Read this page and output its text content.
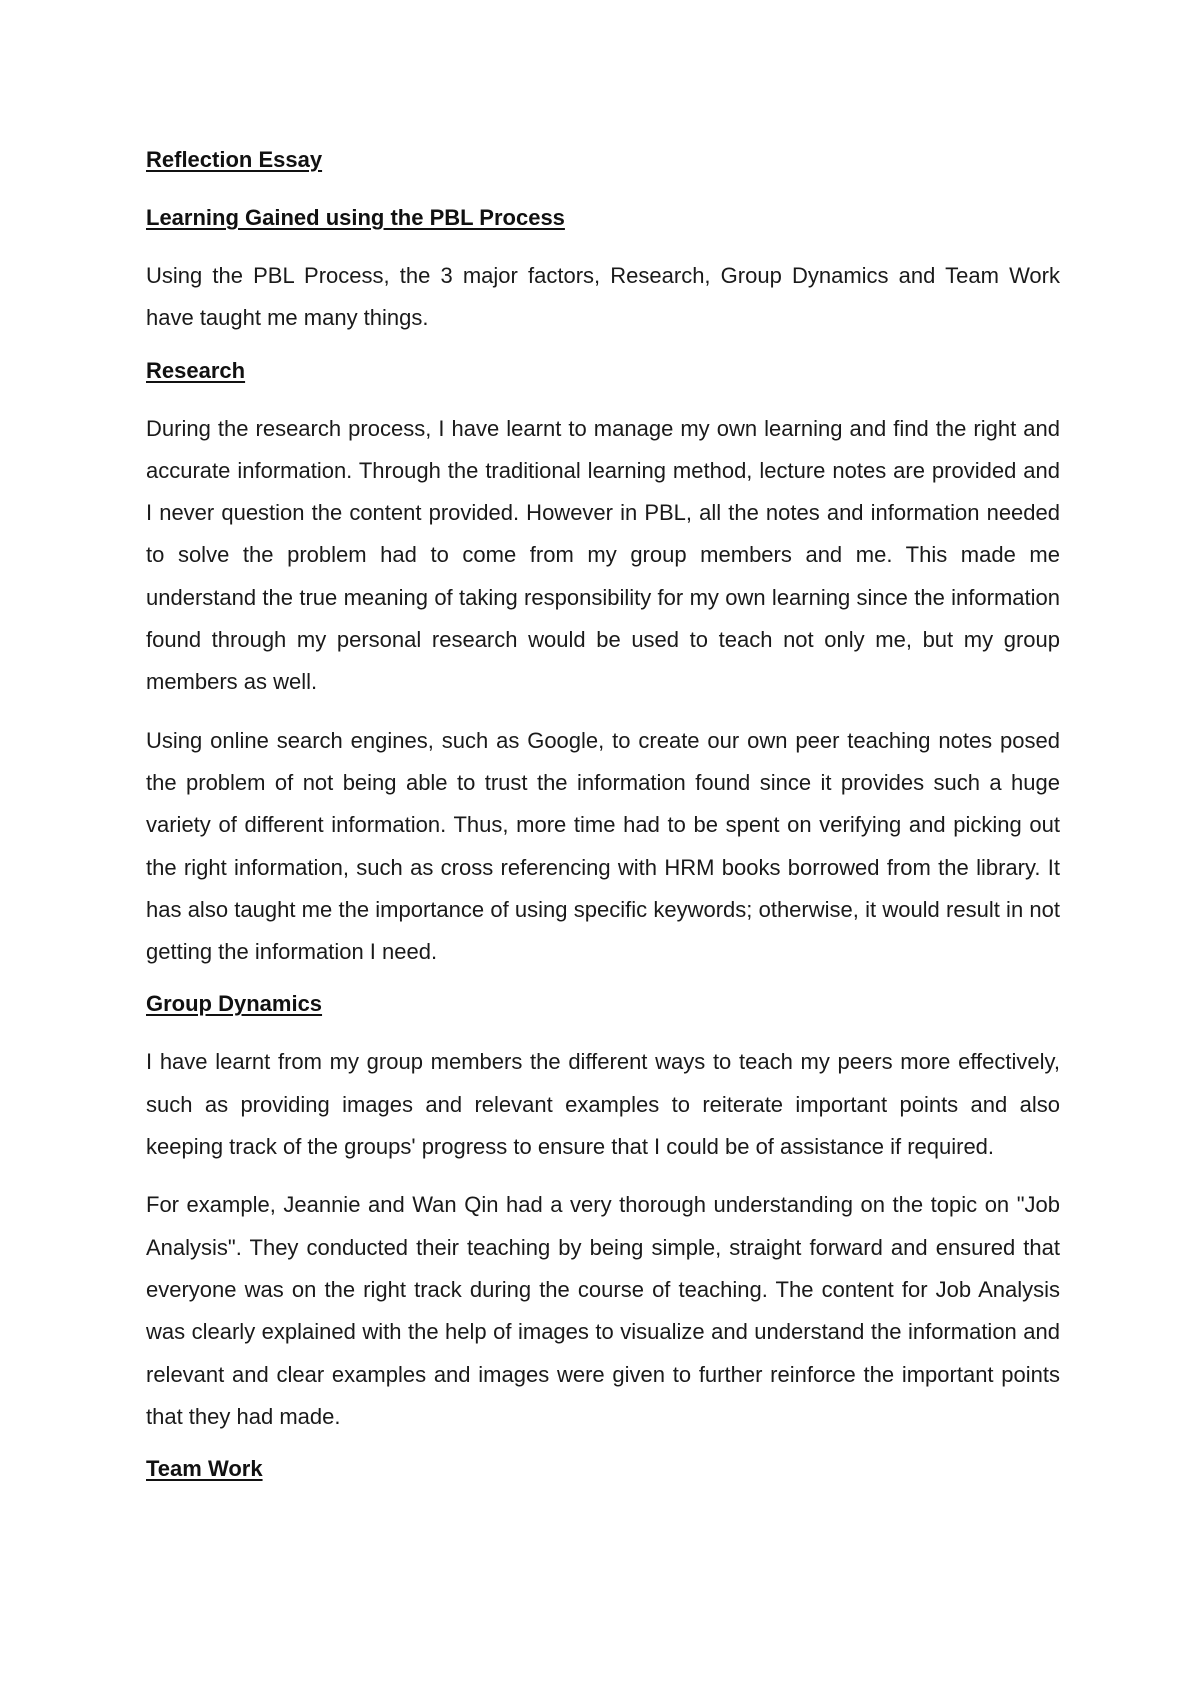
Reflection Essay
Learning Gained using the PBL Process

Using the PBL Process, the 3 major factors, Research, Group Dynamics and Team Work have taught me many things.

Research

During the research process, I have learnt to manage my own learning and find the right and accurate information. Through the traditional learning method, lecture notes are provided and I never question the content provided. However in PBL, all the notes and information needed to solve the problem had to come from my group members and me. This made me understand the true meaning of taking responsibility for my own learning since the information found through my personal research would be used to teach not only me, but my group members as well.

Using online search engines, such as Google, to create our own peer teaching notes posed the problem of not being able to trust the information found since it provides such a huge variety of different information. Thus, more time had to be spent on verifying and picking out the right information, such as cross referencing with HRM books borrowed from the library. It has also taught me the importance of using specific keywords; otherwise, it would result in not getting the information I need.

Group Dynamics

I have learnt from my group members the different ways to teach my peers more effectively, such as providing images and relevant examples to reiterate important points and also keeping track of the groups' progress to ensure that I could be of assistance if required.

For example, Jeannie and Wan Qin had a very thorough understanding on the topic on "Job Analysis". They conducted their teaching by being simple, straight forward and ensured that everyone was on the right track during the course of teaching. The content for Job Analysis was clearly explained with the help of images to visualize and understand the information and relevant and clear examples and images were given to further reinforce the important points that they had made.

Team Work
